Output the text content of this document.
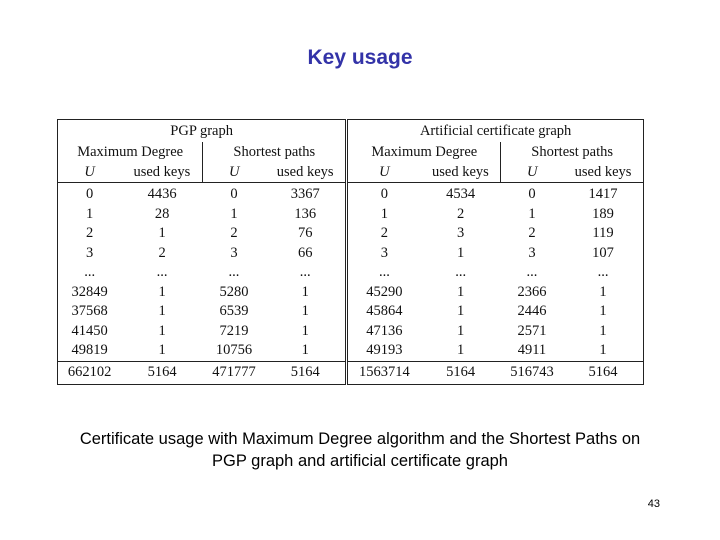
Key usage
PGP graph				Artificial certificate graph			
Maximum Degree		Shortest paths		Maximum Degree		Shortest paths	
U	used keys	U	used keys	U	used keys	U	used keys
0	4436	0	3367	0	4534	0	1417
1	28	1	136	1	2	1	189
2	1	2	76	2	3	2	119
3	2	3	66	3	1	3	107
...	...	...	...	...	...	...	...
32849	1	5280	1	45290	1	2366	1
37568	1	6539	1	45864	1	2446	1
41450	1	7219	1	47136	1	2571	1
49819	1	10756	1	49193	1	4911	1
662102	5164	471777	5164	1563714	5164	516743	5164
Certificate usage with Maximum Degree algorithm and the Shortest Paths on
PGP graph and artificial certificate graph
43
